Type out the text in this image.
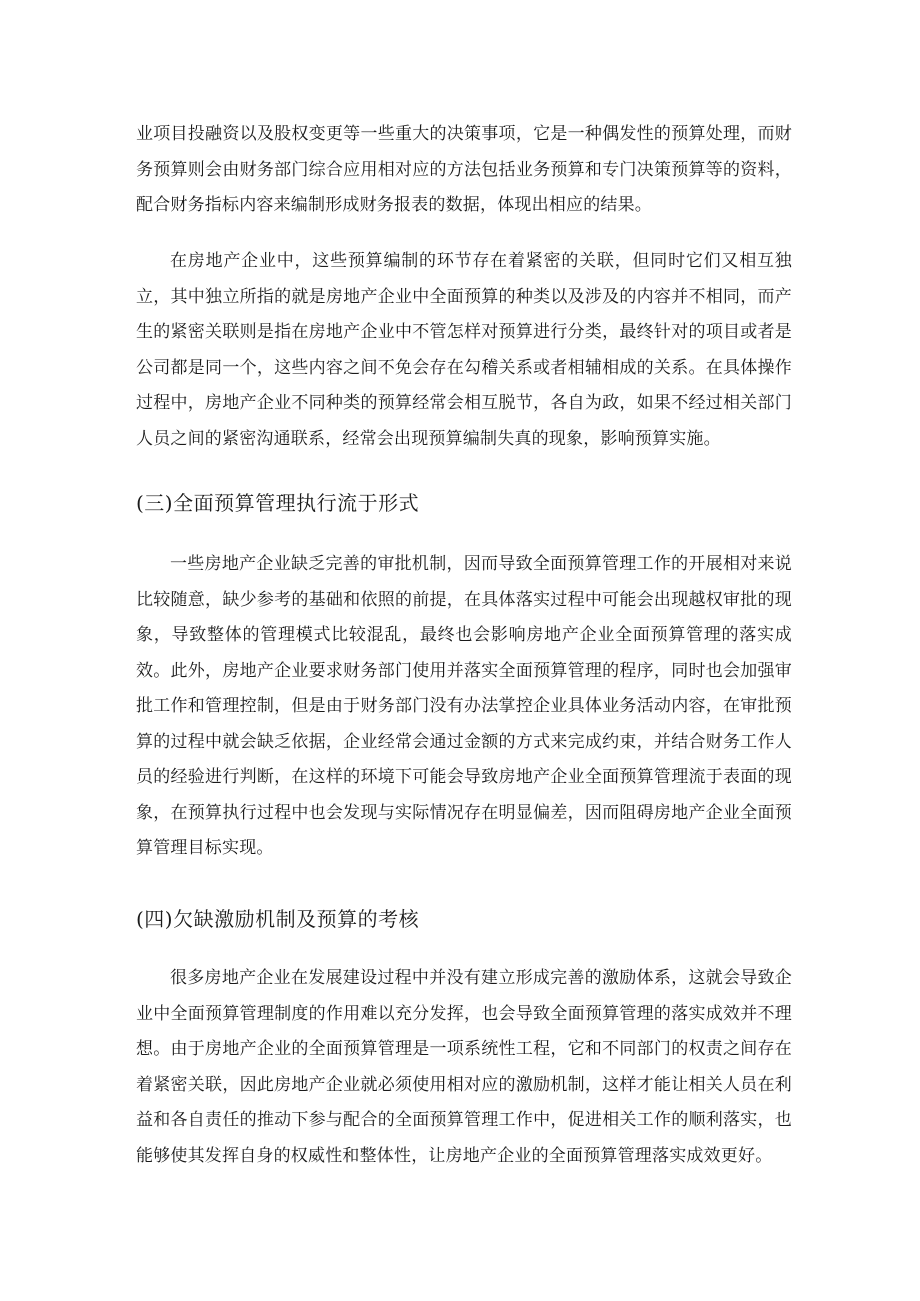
业项目投融资以及股权变更等一些重大的决策事项，它是一种偶发性的预算处理，而财务预算则会由财务部门综合应用相对应的方法包括业务预算和专门决策预算等的资料，配合财务指标内容来编制形成财务报表的数据，体现出相应的结果。

在房地产企业中，这些预算编制的环节存在着紧密的关联，但同时它们又相互独立，其中独立所指的就是房地产企业中全面预算的种类以及涉及的内容并不相同，而产生的紧密关联则是指在房地产企业中不管怎样对预算进行分类，最终针对的项目或者是公司都是同一个，这些内容之间不免会存在勾稽关系或者相辅相成的关系。在具体操作过程中，房地产企业不同种类的预算经常会相互脱节，各自为政，如果不经过相关部门人员之间的紧密沟通联系，经常会出现预算编制失真的现象，影响预算实施。

(三)全面预算管理执行流于形式

一些房地产企业缺乏完善的审批机制，因而导致全面预算管理工作的开展相对来说比较随意，缺少参考的基础和依照的前提，在具体落实过程中可能会出现越权审批的现象，导致整体的管理模式比较混乱，最终也会影响房地产企业全面预算管理的落实成效。此外，房地产企业要求财务部门使用并落实全面预算管理的程序，同时也会加强审批工作和管理控制，但是由于财务部门没有办法掌控企业具体业务活动内容，在审批预算的过程中就会缺乏依据，企业经常会通过金额的方式来完成约束，并结合财务工作人员的经验进行判断，在这样的环境下可能会导致房地产企业全面预算管理流于表面的现象，在预算执行过程中也会发现与实际情况存在明显偏差，因而阻碍房地产企业全面预算管理目标实现。

(四)欠缺激励机制及预算的考核

很多房地产企业在发展建设过程中并没有建立形成完善的激励体系，这就会导致企业中全面预算管理制度的作用难以充分发挥，也会导致全面预算管理的落实成效并不理想。由于房地产企业的全面预算管理是一项系统性工程，它和不同部门的权责之间存在着紧密关联，因此房地产企业就必须使用相对应的激励机制，这样才能让相关人员在利益和各自责任的推动下参与配合的全面预算管理工作中，促进相关工作的顺利落实，也能够使其发挥自身的权威性和整体性，让房地产企业的全面预算管理落实成效更好。
